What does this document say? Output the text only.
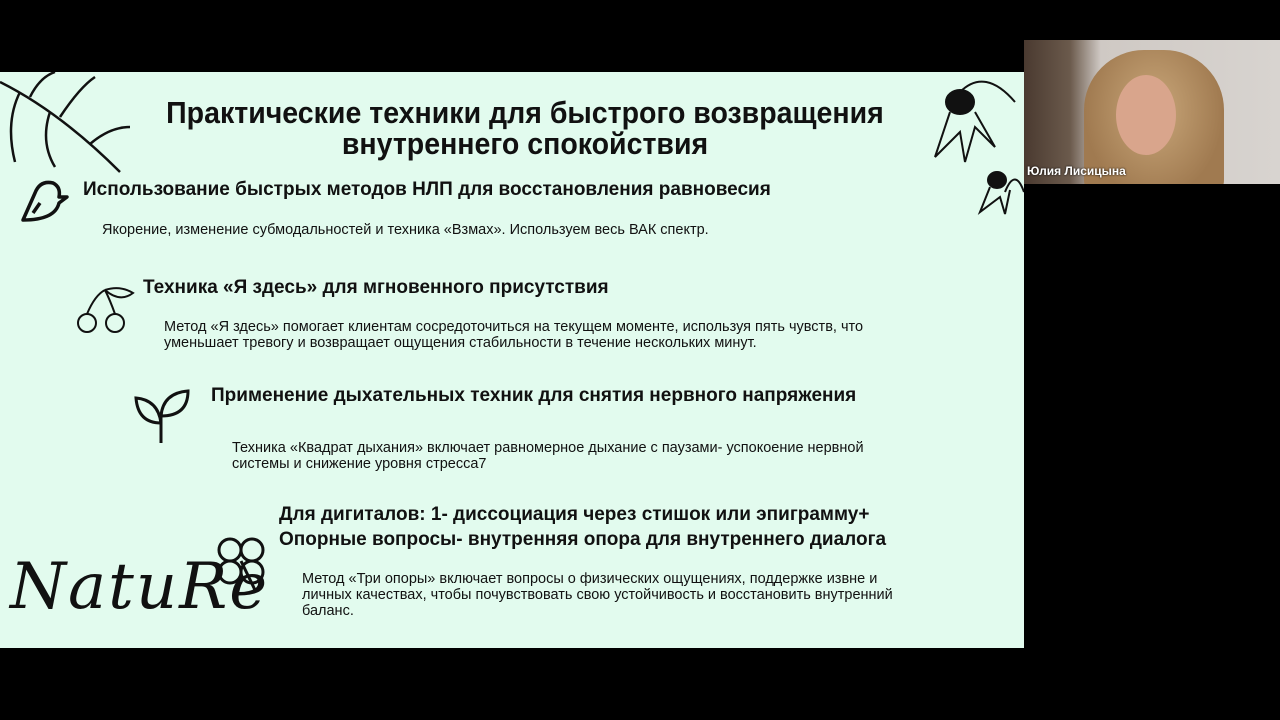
Практические техники для быстрого возвращения
внутреннего спокойствия
Использование быстрых методов НЛП для восстановления равновесия
Якорение, изменение субмодальностей и техника «Взмах». Используем весь ВАК спектр.
Техника «Я здесь» для мгновенного присутствия
Метод «Я здесь» помогает клиентам сосредоточиться на текущем моменте, используя пять чувств, что
уменьшает тревогу и возвращает ощущения стабильности в течение нескольких минут.
Применение дыхательных техник для снятия нервного напряжения
Техника «Квадрат дыхания» включает равномерное дыхание с паузами- успокоение нервной
системы и снижение уровня стресса7
Для дигиталов: 1- диссоциация через стишок или эпиграмму+
Опорные вопросы- внутренняя опора для внутреннего диалога
Метод «Три опоры» включает вопросы о физических ощущениях, поддержке извне и
личных качествах, чтобы почувствовать свою устойчивость и восстановить внутренний
баланс.
NatuRe
Юлия Лисицына
